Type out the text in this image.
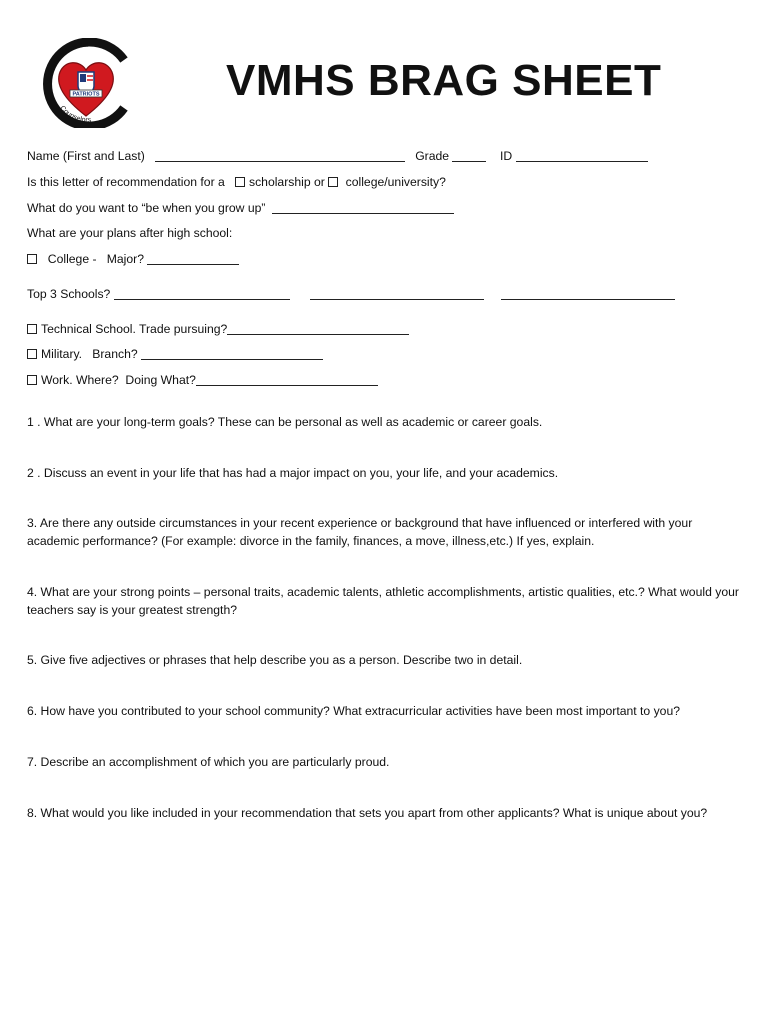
PATRIOTS
Veterans Memorial
Counselors
VMHS BRAG SHEET
Name (First and Last)	Grade	ID
Is this letter of recommendation for a scholarship or college/university?
What do you want to “be when you grow up”
What are your plans after high school:
College -   Major?
Top 3 Schools?
Technical School. Trade pursuing?
Military.   Branch?
Work. Where?  Doing What?
1 . What are your long-term goals? These can be personal as well as academic or career goals.
2 . Discuss an event in your life that has had a major impact on you, your life, and your academics.
3. Are there any outside circumstances in your recent experience or background that have influenced or interfered with your academic performance? (For example: divorce in the family, finances, a move, illness,etc.) If yes, explain.
4. What are your strong points – personal traits, academic talents, athletic accomplishments, artistic qualities, etc.? What would your teachers say is your greatest strength?
5. Give five adjectives or phrases that help describe you as a person. Describe two in detail.
6. How have you contributed to your school community? What extracurricular activities have been most important to you?
7. Describe an accomplishment of which you are particularly proud.
8. What would you like included in your recommendation that sets you apart from other applicants? What is unique about you?
